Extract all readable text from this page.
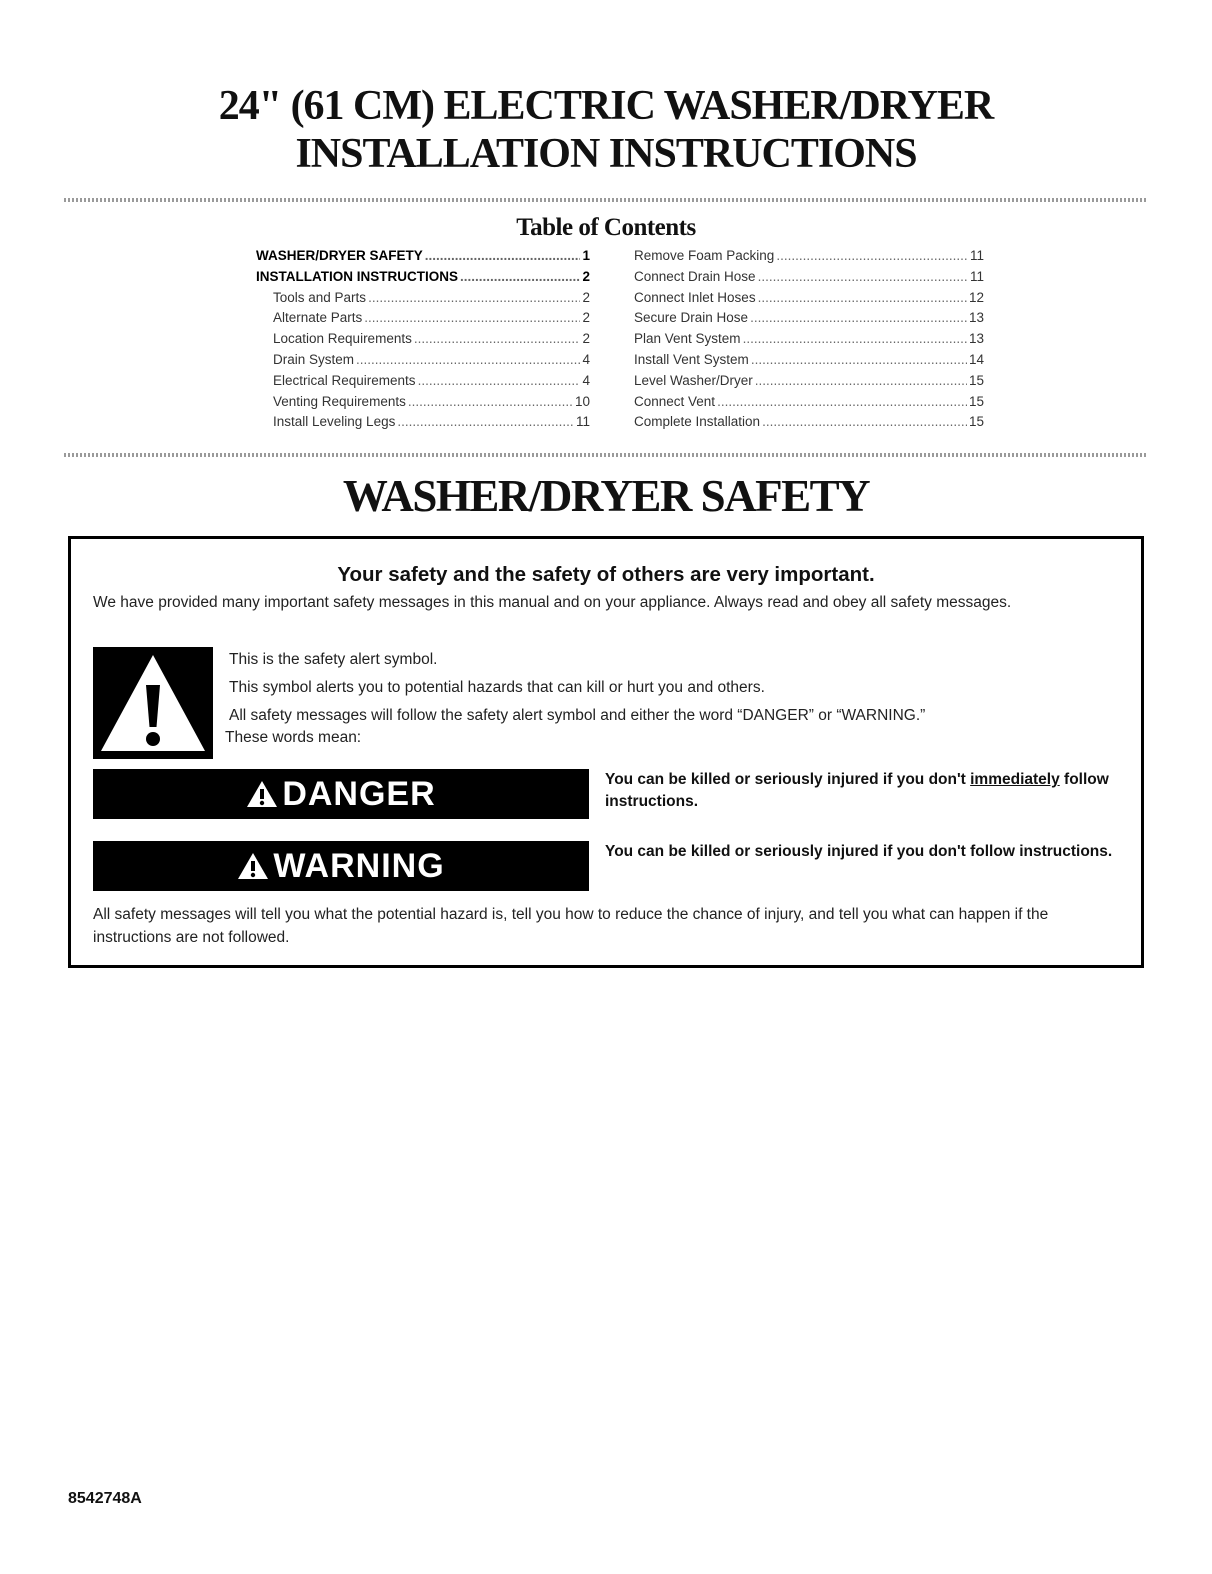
24" (61 CM) ELECTRIC WASHER/DRYER
INSTALLATION INSTRUCTIONS
Table of Contents
WASHER/DRYER SAFETY .....	1
INSTALLATION INSTRUCTIONS .....	2
Tools and Parts .....	2
Alternate Parts .....	2
Location Requirements .....	2
Drain System .....	4
Electrical Requirements .....	4
Venting Requirements .....	10
Install Leveling Legs .....	11
Remove Foam Packing .....	11
Connect Drain Hose .....	11
Connect Inlet Hoses .....	12
Secure Drain Hose .....	13
Plan Vent System .....	13
Install Vent System .....	14
Level Washer/Dryer .....	15
Connect Vent .....	15
Complete Installation .....	15
WASHER/DRYER SAFETY
Your safety and the safety of others are very important.
We have provided many important safety messages in this manual and on your appliance. Always read and obey all safety messages.
This is the safety alert symbol.
This symbol alerts you to potential hazards that can kill or hurt you and others.
All safety messages will follow the safety alert symbol and either the word “DANGER” or “WARNING.”
These words mean:
DANGER	You can be killed or seriously injured if you don't immediately follow instructions.
WARNING	You can be killed or seriously injured if you don't follow instructions.
All safety messages will tell you what the potential hazard is, tell you how to reduce the chance of injury, and tell you what can happen if the instructions are not followed.
8542748A
